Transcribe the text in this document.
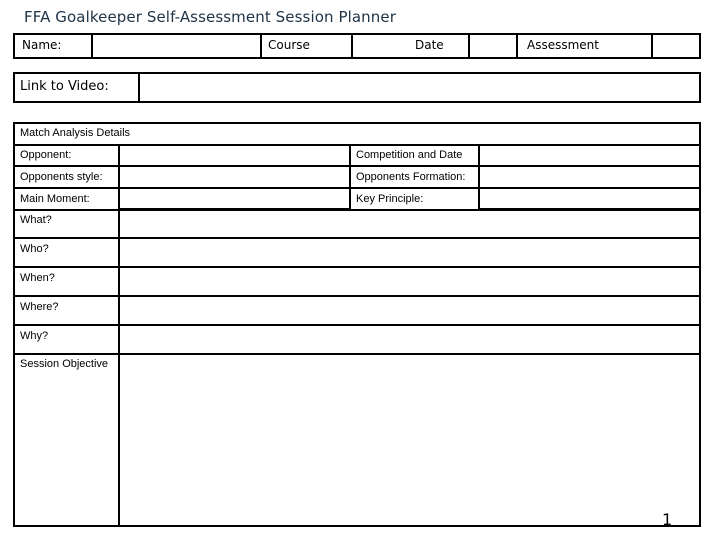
FFA Goalkeeper Self-Assessment Session Planner
Name:	Course	Date	Assessment
Link to Video:
Match Analysis Details
Opponent:	Competition and Date
Opponents style:	Opponents Formation:
Main Moment:	Key Principle:
What?
Who?
When?
Where?
Why?
Session Objective
1
